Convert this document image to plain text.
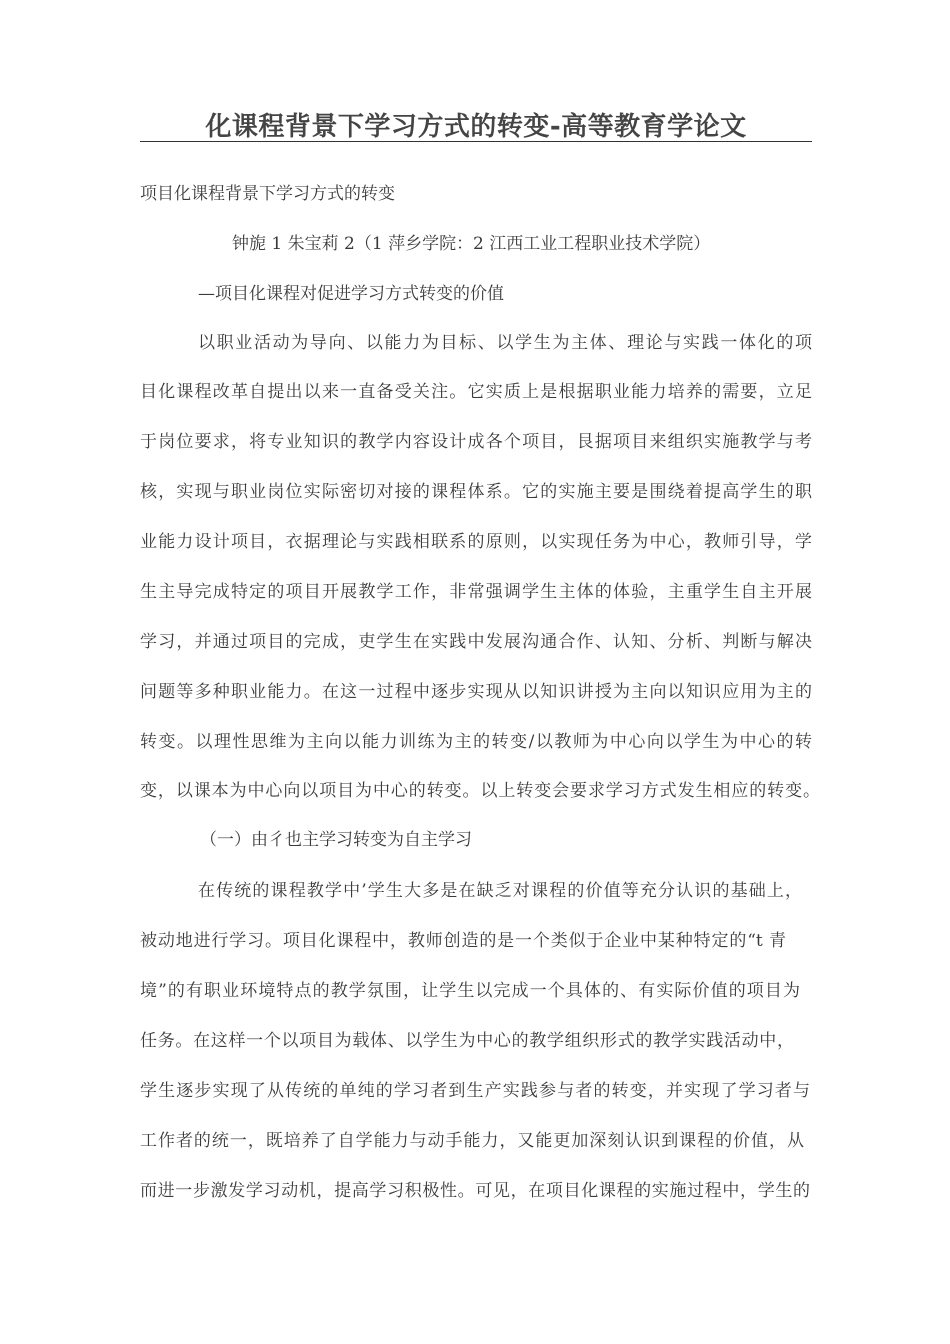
化课程背景下学习方式的转变-高等教育学论文
项目化课程背景下学习方式的转变
钟旎 1 朱宝莉 2（1 萍乡学院：2 江西工业工程职业技术学院）
—项目化课程对促进学习方式转变的价值
以职业活动为导向、以能力为目标、以学生为主体、理论与实践一体化的项
目化课程改革自提出以来一直备受关注。它实质上是根据职业能力培养的需要，立足
于岗位要求，将专业知识的教学内容设计成各个项目，艮据项目来组织实施教学与考
核，实现与职业岗位实际密切对接的课程体系。它的实施主要是围绕着提高学生的职
业能力设计项目，衣据理论与实践相联系的原则，以实现任务为中心，教师引导，学
生主导完成特定的项目开展教学工作，非常强调学生主体的体验，主重学生自主开展
学习，并通过项目的完成，吏学生在实践中发展沟通合作、认知、分析、判断与解决
问题等多种职业能力。在这一过程中逐步实现从以知识讲授为主向以知识应用为主的
转变。以理性思维为主向以能力训练为主的转变/以教师为中心向以学生为中心的转
变，以课本为中心向以项目为中心的转变。以上转变会要求学习方式发生相应的转变。
（一）由彳也主学习转变为自主学习
在传统的课程教学中’学生大多是在缺乏对课程的价值等充分认识的基础上，
被动地进行学习。项目化课程中，教师创造的是一个类似于企业中某种特定的“t 青
境”的有职业环境特点的教学氛围，让学生以完成一个具体的、有实际价值的项目为
任务。在这样一个以项目为载体、以学生为中心的教学组织形式的教学实践活动中，
学生逐步实现了从传统的单纯的学习者到生产实践参与者的转变，并实现了学习者与
工作者的统一，既培养了自学能力与动手能力，又能更加深刻认识到课程的价值，从
而进一步激发学习动机，提高学习积极性。可见，在项目化课程的实施过程中，学生的
